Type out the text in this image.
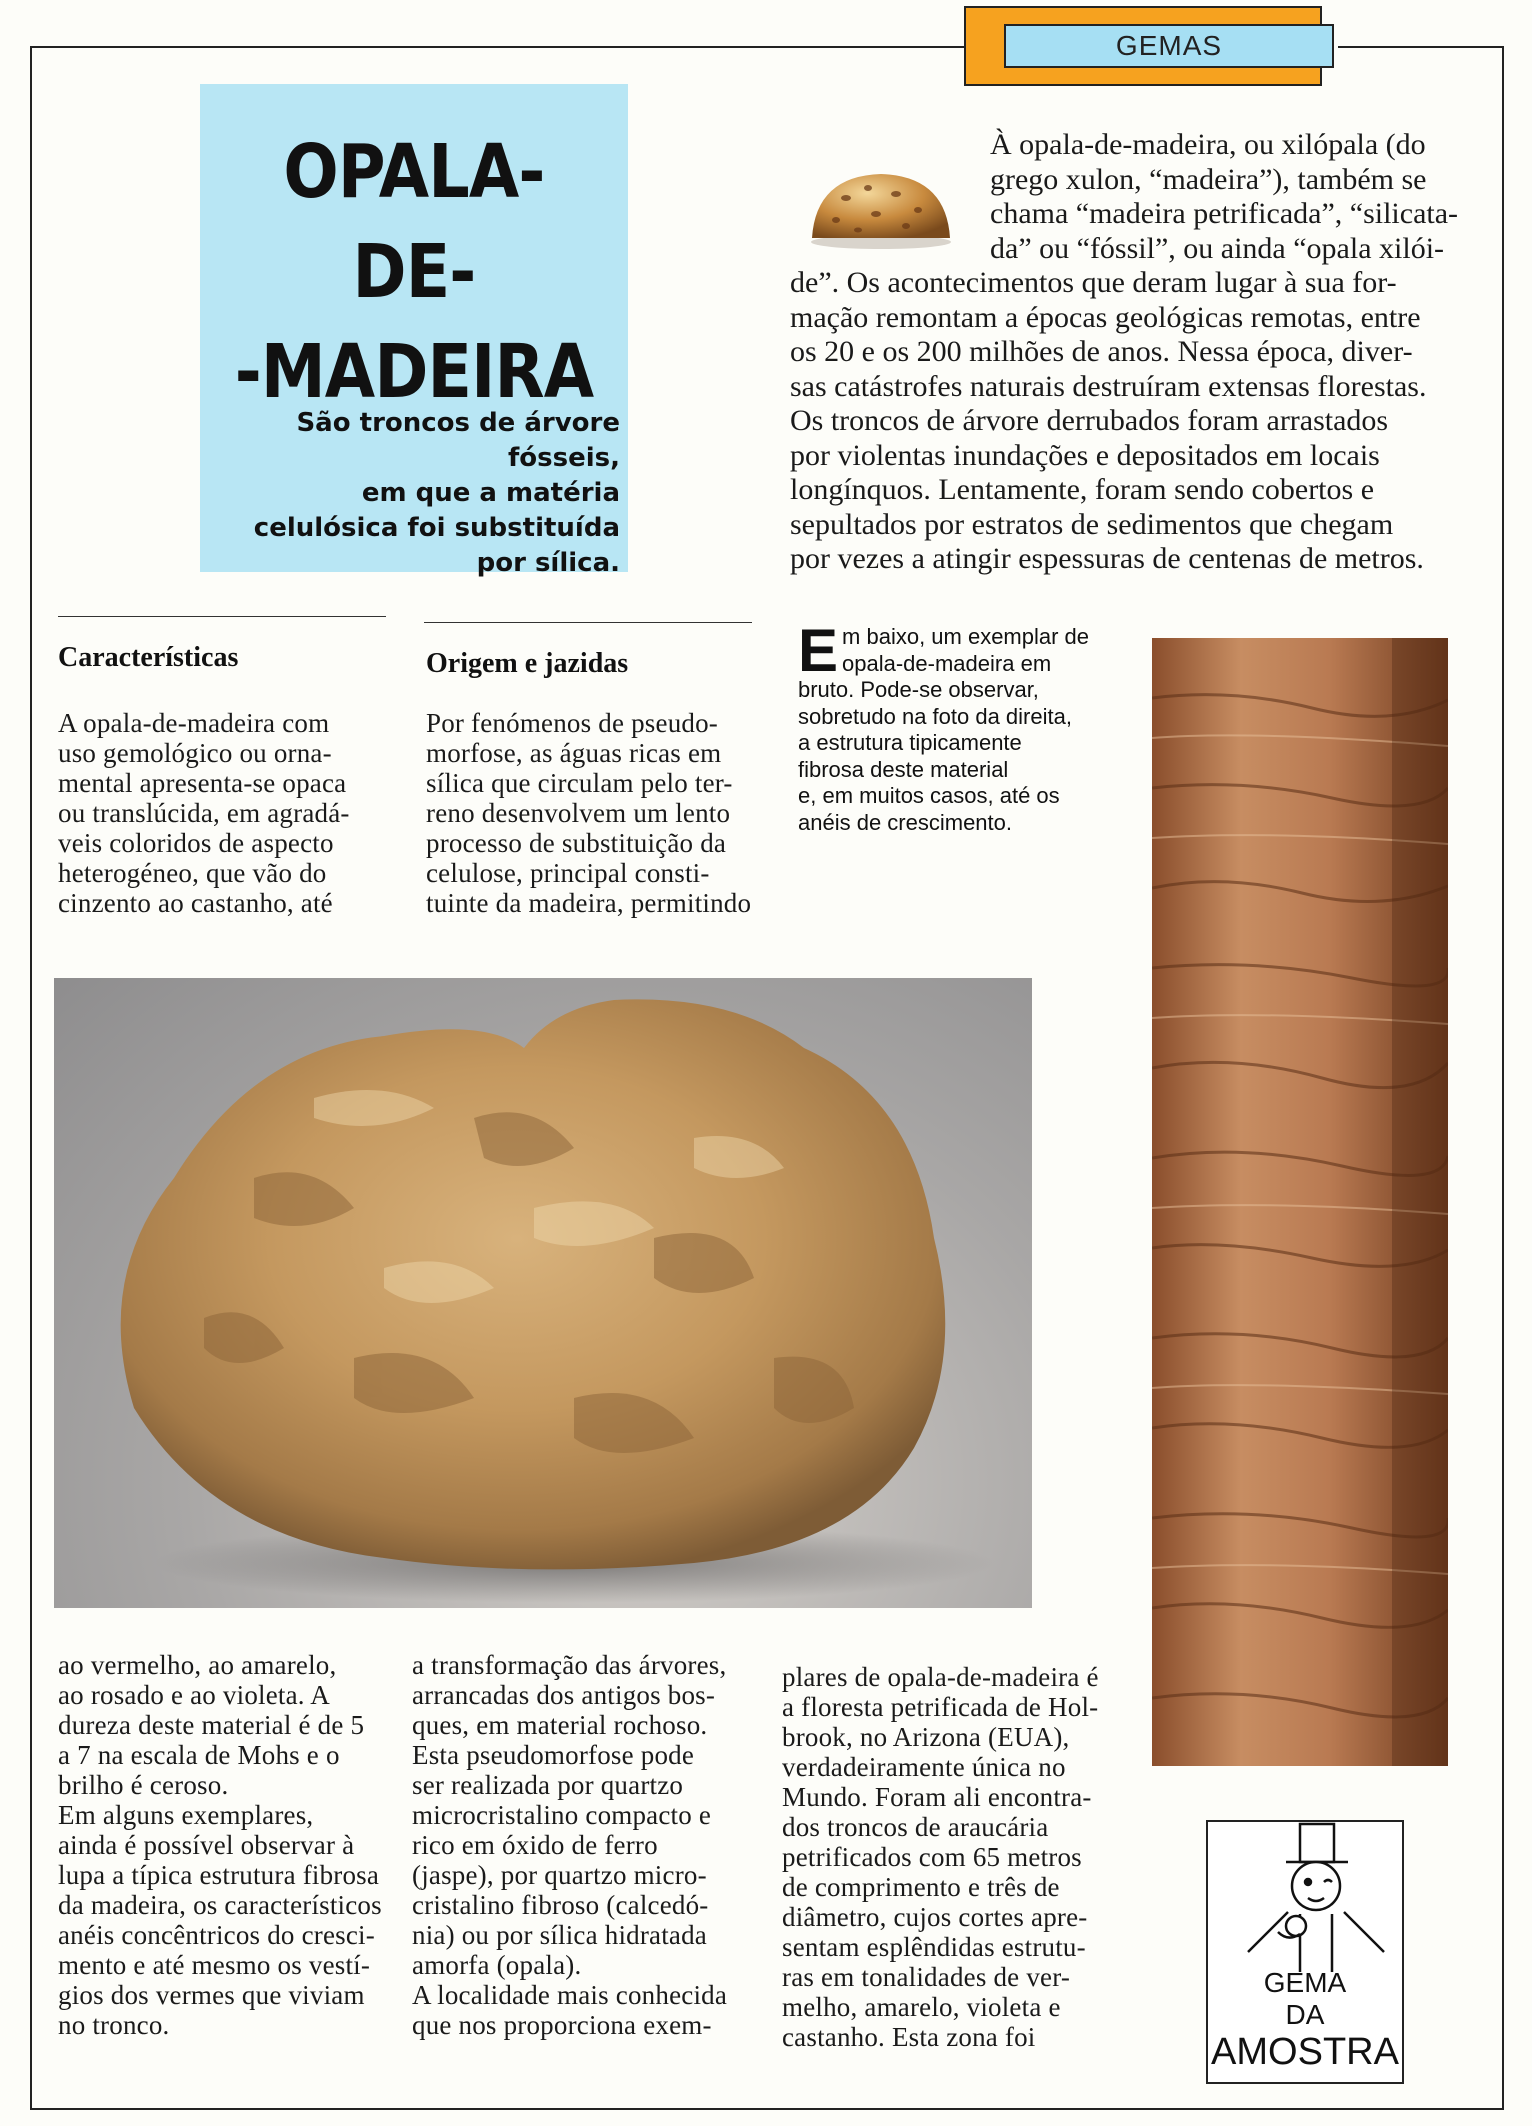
GEMAS
OPALA-DE-
-MADEIRA
São troncos de árvore fósseis,
em que a matéria
celulósica foi substituída
por sílica.

À opala-de-madeira, ou xilópala (do

grego xulon, “madeira”), também se

chama “madeira petrificada”, “silicata-

da” ou “fóssil”, ou ainda “opala xilói-

de”. Os acontecimentos que deram lugar à sua for-

mação remontam a épocas geológicas remotas, entre

os 20 e os 200 milhões de anos. Nessa época, diver-

sas catástrofes naturais destruíram extensas florestas.

Os troncos de árvore derrubados foram arrastados

por violentas inundações e depositados em locais

longínquos. Lentamente, foram sendo cobertos e

sepultados por estratos de sedimentos que chegam

por vezes a atingir espessuras de centenas de metros.

Características	Origem e jazidas

A opala-de-madeira com

uso gemológico ou orna-

mental apresenta-se opaca

ou translúcida, em agradá-

veis coloridos de aspecto

heterogéneo, que vão do

cinzento ao castanho, até

Por fenómenos de pseudo-

morfose, as águas ricas em

sílica que circulam pelo ter-

reno desenvolvem um lento

processo de substituição da

celulose, principal consti-

tuinte da madeira, permitindo

E m baixo, um exemplar de
opala-de-madeira em
bruto. Pode-se observar,
sobretudo na foto da direita,
a estrutura tipicamente
fibrosa deste material
e, em muitos casos, até os
anéis de crescimento.

ao vermelho, ao amarelo,

ao rosado e ao violeta. A

dureza deste material é de 5

a 7 na escala de Mohs e o

brilho é ceroso.

Em alguns exemplares,

ainda é possível observar à

lupa a típica estrutura fibrosa

da madeira, os característicos

anéis concêntricos do cresci-

mento e até mesmo os vestí-

gios dos vermes que viviam

no tronco.

a transformação das árvores,

arrancadas dos antigos bos-

ques, em material rochoso.

Esta pseudomorfose pode

ser realizada por quartzo

microcristalino compacto e

rico em óxido de ferro

(jaspe), por quartzo micro-

cristalino fibroso (calcedó-

nia) ou por sílica hidratada

amorfa (opala).

A localidade mais conhecida

que nos proporciona exem-

plares de opala-de-madeira é

a floresta petrificada de Hol-

brook, no Arizona (EUA),

verdadeiramente única no

Mundo. Foram ali encontra-

dos troncos de araucária

petrificados com 65 metros

de comprimento e três de

diâmetro, cujos cortes apre-

sentam esplêndidas estrutu-

ras em tonalidades de ver-

melho, amarelo, violeta e

castanho. Esta zona foi

GEMA
DA
AMOSTRA
